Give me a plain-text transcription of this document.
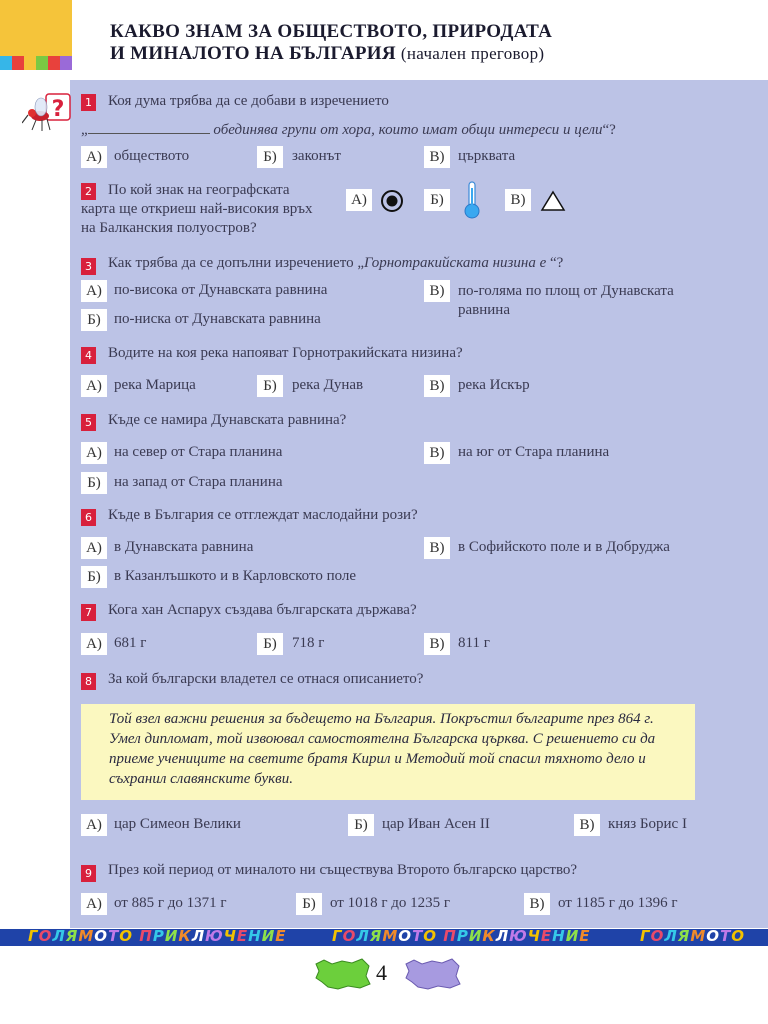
КАКВО ЗНАМ ЗА ОБЩЕСТВОТО, ПРИРОДАТА
И МИНАЛОТО НА БЪЛГАРИЯ (начален преговор)
?	1 Коя дума трябва да се добави в изречението
„	обединява групи от хора, които имат общи интереси и цели“?
А) обществото	Б)	законът	В) църквата
2	По кой знак на географската карта ще откриеш най-високия връх на Балканския полуостров?
А)	Б)	В)
3 Как трябва да се допълни изречението „Горнотракийската низина е “?
А) по-висока от Дунавската равнина	В) по-голяма по площ от Дунавската равнина
Б) по-ниска от Дунавската равнина
4 Водите на коя река напояват Горнотракийската низина?
А) река Марица	Б)	река Дунав	В) река Искър
5 Къде се намира Дунавската равнина?
А) на север от Стара планина	В) на юг от Стара планина
Б) на запад от Стара планина
6 Къде в България се отглеждат маслодайни рози?
А) в Дунавската равнина	В) в Софийското поле и в Добруджа
Б) в Казанлъшкото и в Карловското поле
7 Кога хан Аспарух създава българската държава?
А) 681 г	Б)	718 г	В) 811 г
8 За кой български владетел се отнася описанието?
Той взел важни решения за бъдещето на България. Покръстил българите през 864 г. Умел дипломат, той извоювал самостоятелна Българска църква. С решението си да приеме учениците на светите братя Кирил и Методий той спасил тяхното дело и съхранил славянските букви.
А) цар Симеон Велики	Б) цар Иван Асен II	В) княз Борис I
9 През кой период от миналото ни съществува Второто българско царство?
А) от 885 г до 1371 г	Б) от 1018 г до 1235 г	В) от 1185 г до 1396 г
ГОЛЯМОТО ПРИКЛЮЧЕНИЕ	ГОЛЯМОТО ПРИКЛЮЧЕНИЕ	ГОЛЯМОТО
4
